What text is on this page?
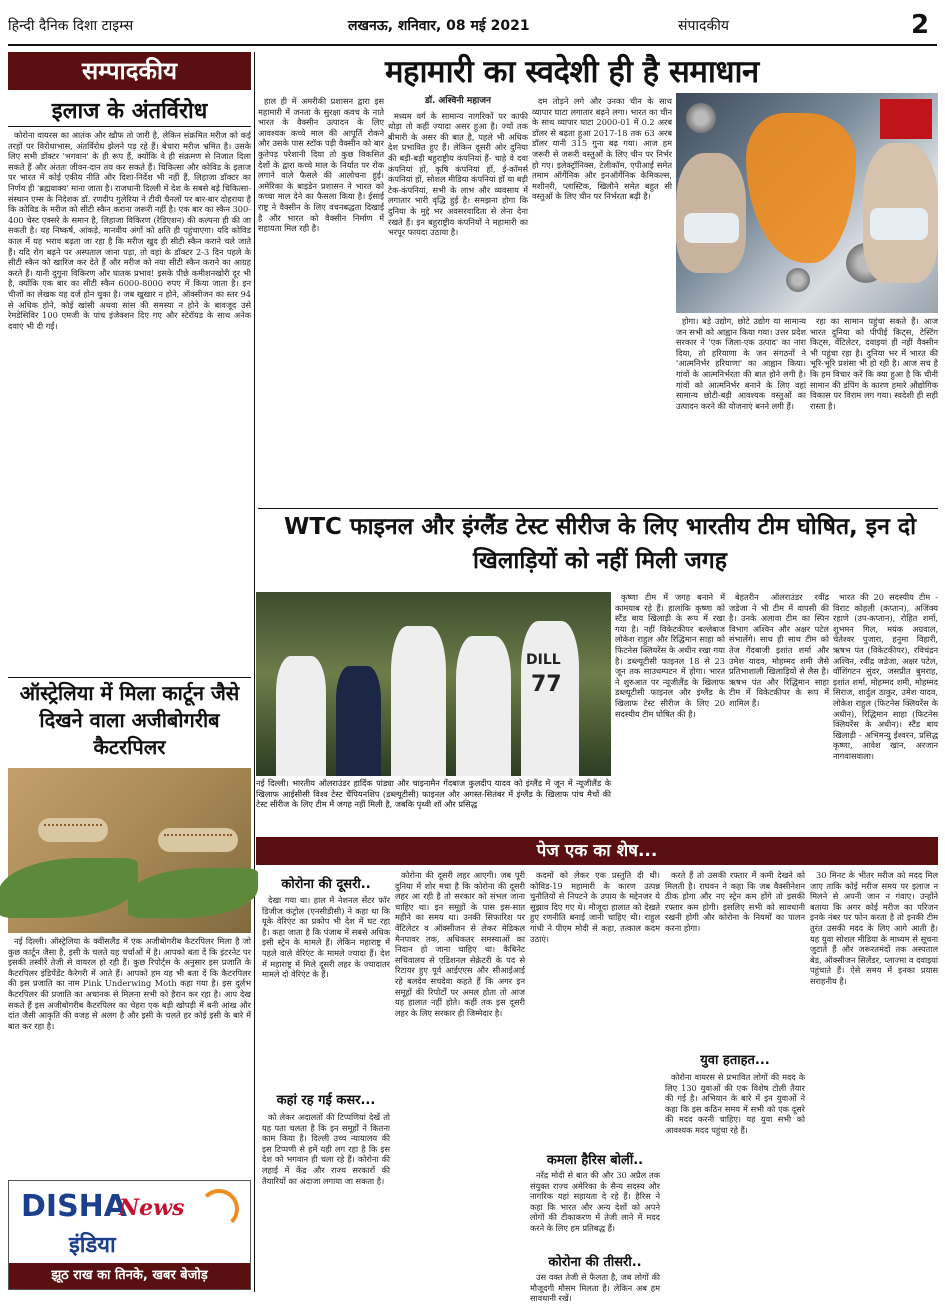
हिन्दी दैनिक दिशा टाइम्स	लखनऊ, शनिवार, 08 मई 2021	संपादकीय	2
सम्पादकीय
इलाज के अंतर्विरोध

कोरोना वायरस का आतंक और खौफ तो जारी है, लेकिन संक्रमित मरीज को कई तरहों पर विरोधाभास, अंतर्विरोध झेलने पड़ रहे हैं। बेचारा मरीज भ्रमित है। उसके लिए सभी डॉक्टर 'भगवान' के ही रूप हैं, क्योंकि वे ही संक्रमण से निजात दिला सकते हैं और अंततः जीवन-दान तय कर सकते हैं। चिकित्सा और कोविड के इलाज पर भारत में कोई एकीय नीति और दिशा-निर्देश भी नहीं हैं, लिहाजा डॉक्टर का निर्णय ही 'ब्रह्मवाक्य' माना जाता है। राजधानी दिल्ली में देश के सबसे बड़े चिकित्सा-संस्थान एम्स के निदेशक डॉ. रणदीप गुलेरिया ने टीवी चैनलों पर बार-बार दोहराया है कि कोविड के मरीज को सीटी स्कैन कराना जरूरी नहीं है। एक बार का स्कैन 300-400 चेस्ट एक्सरे के समान है, लिहाजा विकिरण (रेडिएशन) की कल्पना ही की जा सकती है। यह निष्कर्ष, आंकड़े, मानवीय अंगों को क्षति ही पहुंचाएगा। यदि कोविड काल में यह भराव बढ़ता जा रहा है कि मरीज खुद ही सीटी स्कैन कराने चले जाते हैं। यदि रोग बढ़ने पर अस्पताल जाना पड़ा, तो वहां के डॉक्टर 2-3 दिन पहले के सीटी स्कैन को खारिज कर देते हैं और मरीज को नया सीटी स्कैन कराने का आग्रह करते हैं। यानी दुगुना विकिरण और घातक प्रभाव! इसके पीछे कमीशनखोरी दूर भी है, क्योंकि एक बार का सीटी स्कैन 6000-8000 रुपए में किया जाता है। इन चीजों का लेखक यह दर्ज होन चुका है। जब खुखार न होने, ऑक्सीजन का स्तर 94 से अधिक होने, कोई खांसी अथवा सांस की समस्या न होने के बावजूद उसे रेमडेसिविर 100 एमजी के पांच इंजेक्शन दिए गए और स्टेरॉयड के साथ अनेक दवाएं भी दी गईं।

महामारी का स्वदेशी ही है समाधान

हाल ही में अमरीकी प्रशासन द्वारा इस महामारी में जनता के सुरक्षा कवच के नाते भारत के वैक्सीन उत्पादन के लिए आवश्यक कच्चे माल की आपूर्ति रोकने और उसके पास स्टॉक पड़ी वैक्सीन को बार कुतेपड़ परेशानी दिया तो कुछ विकसित देशों के द्वारा कच्चे माल के निर्यात पर रोक लगाने वाले फैसले की आलोचना हुई। अमेरिका के बाइडेन प्रशासन ने भारत को कच्चा माल देने का फैसला किया है। ईसाई राष्ट्र ने वैक्सीन के लिए वचनबद्धता दिखाई है और भारत को वैक्सीन निर्माण में सहायता मिल रही है।

डॉ. अश्विनी महाजन

मध्यम वर्ग के सामान्य नागरिकों पर काफी थोड़ा तो कहीं ज्यादा असर हुआ है। ज्यों तक बीमारी के असर की बात है, पहले भी अधिक देश प्रभावित हुए हैं। लेकिन दूसरी ओर दुनिया की बड़ी-बड़ी बहुराष्ट्रीय कंपनियां हैं- चाहे वे दवा कंपनियां हों, कृषि कंपनियां हों, ई-कॉमर्स कंपनियां हों, सोशल मीडिया कंपनियां हों या बड़ी टेक-कंपनियां, सभी के लाभ और व्यवसाय में लगातार भारी वृद्धि हुई है। समझना होगा कि दुनिया के मुद्दे भर अवसरवादिता से लेना देना रखते हैं। इन बहुराष्ट्रीय कंपनियों ने महामारी का भरपूर फायदा उठाया है।

दम तोड़ने लगे और उनका चीन के साथ व्यापार घाटा लगातार बढ़ने लगा। भारत का चीन के साथ व्यापार घाटा 2000-01 में 0.2 अरब डॉलर से बढ़ता हुआ 2017-18 तक 63 अरब डॉलर यानी 315 गुना बढ़ गया। आज हम जरूरी से जरूरी वस्तुओं के लिए चीन पर निर्भर हो गए। इलेक्ट्रॉनिक्स, टेलीकॉम, एपीआई समेत तमाम ऑर्गेनिक और इनऑर्गेनिक केमिकल्स, मशीनरी, प्लास्टिक, खिलौने समेत बहुत सी वस्तुओं के लिए चीन पर निर्भरता बढ़ी है।

होगा। बड़े उद्योग, छोटे उद्योग या सामान्य जन सभी को आह्वान किया गया। उत्तर प्रदेश सरकार ने 'एक जिला-एक उत्पाद' का नारा दिया, तो हरियाणा के जन संगठनों ने 'आत्मनिर्भर हरियाणा' का आह्वान किया। गांवों के आत्मनिर्भरता की बात होने लगी है। गांवों को आत्मनिर्भर बनाने के लिए वहां सामान्य छोटी-बड़ी आवश्यक वस्तुओं का उत्पादन करने की योजनाएं बनने लगी हैं।

रहा का सामान पहुंचा सकते हैं। आज भारत दुनिया को पीपीई किट्स, टेस्टिंग किट्स, वेंटिलेटर, दवाइयां ही नहीं वैक्सीन भी पहुंचा रहा है। दुनिया भर में भारत की भूरि-भूरि प्रशंसा भी हो रही है। आज सच है कि हम विचार करें कि क्या हुआ है कि चीनी सामान की डंपिंग के कारण हमारे औद्योगिक विकास पर विराम लग गया। स्वदेशी ही सही रास्ता है।

WTC फाइनल और इंग्लैंड टेस्ट सीरीज के लिए भारतीय टीम घोषित, इन दो खिलाड़ियों को नहीं मिली जगह
DILL
77
नई दिल्ली। भारतीय ऑलराउंडर हार्दिक पांड्या और चाइनामैन गेंदबाज कुलदीप यादव को इंग्लैंड में जून में न्यूजीलैंड के खिलाफ आईसीसी विश्व टेस्ट चैंपियनशिप (डब्ल्यूटीसी) फाइनल और अगस्त-सितंबर में इंग्लैंड के खिलाफ पांच मैचों की टेस्ट सीरीज के लिए टीम में जगह नहीं मिली है, जबकि पृथ्वी शॉ और प्रसिद्ध

कृष्णा टीम में जगह बनाने में कामयाब रहे हैं। हालांकि कृष्णा को स्टैंड बाय खिलाड़ी के रूप में रखा गया है। नहीं विकेटकीपर बल्लेबाज लोकेश राहुल और रिद्धिमान साहा को फिटनेस क्लियरेंस के अधीन रखा गया है। डब्ल्यूटीसी फाइनल 18 से 23 जून तक साउथम्पटन में होगा। भारत ने शुरुआत पर न्यूजीलैंड के खिलाफ डब्ल्यूटीसी फाइनल और इंग्लैंड के खिलाफ टेस्ट सीरीज के लिए 20 सदस्यीय टीम घोषित की है।

बेहतरीन ऑलराउंडर रवींद्र जडेजा ने भी टीम में वापसी की है। उनके अलावा टीम का स्पिन विभाग अश्विन और अक्षर पटेल संभालेंगे। साथ ही साथ टीम को तेज गेंदबाजी इशांत शर्मा और उमेश यादव, मोहम्मद शमी जैसे प्रतिभाशाली खिलाड़ियों से लैस है। ऋषभ पंत और रिद्धिमान साहा टीम में विकेटकीपर के रूप में शामिल हैं।

भारत की 20 सदस्यीय टीम - विराट कोहली (कप्तान), अजिंक्य रहाणे (उप-कप्तान), रोहित शर्मा, शुभमन गिल, मयंक अग्रवाल, चेतेश्वर पुजारा, हनुमा विहारी, ऋषभ पंत (विकेटकीपर), रविचंद्रन अश्विन, रवींद्र जडेजा, अक्षर पटेल, वॉशिंगटन सुंदर, जसप्रीत बुमराह, इशांत शर्मा, मोहम्मद शमी, मोहम्मद सिराज, शार्दुल ठाकुर, उमेश यादव, लोकेश राहुल (फिटनेस क्लियरेंस के अधीन), रिद्धिमान साहा (फिटनेस क्लियरेंस के अधीन)। स्टैंड बाय खिलाड़ी - अभिमन्यु ईश्वरन, प्रसिद्ध कृष्णा, आवेश खान, अरजान नागवासवाला।

ऑस्ट्रेलिया में मिला कार्टून जैसे दिखने वाला अजीबोगरीब कैटरपिलर

नई दिल्ली। ऑस्ट्रेलिया के क्वींसलैंड में एक अजीबोगरीब कैटरपिलर मिला है जो कुछ कार्टून जैसा है, इसी के चलते यह चर्चाओं में है। आपको बता दें कि इंटरनेट पर इसकी तस्वीरें तेजी से वायरल हो रही हैं। कुछ रिपोर्ट्स के अनुसार इस प्रजाति के कैटरपिलर इंडिपेंडेंट कैरेगरी में आते हैं। आपको हम यह भी बता दें कि कैटरपिलर की इस प्रजाति का नाम Pink Underwing Moth कहा गया है। इस दुर्लभ कैटरपिलर की प्रजाति का अचानक से मिलना सभी को हैरान कर रहा है। आप देख सकते हैं इस अजीबोगरीब कैटरपिलर का चेहरा एक बड़ी खोपड़ी में बनी आंख और दांत जैसी आकृति की वजह से अलग है और इसी के चलते हर कोई इसी के बारे में बात कर रहा है।

DISHA
News
इंडिया
झूठ राख का तिनके, खबर बेजोड़
पेज एक का शेष...
कोरोना की दूसरी..

देखा गया था। हाल में नेशनल सेंटर फॉर डिजीज कंट्रोल (एनसीडीसी) ने कहा था कि यूके वेरिएंट का प्रकोप भी देश में घट रहा है। कहा जाता है कि पंजाब में सबसे अधिक इसी स्ट्रेन के मामले हैं। लेकिन महाराष्ट्र में पहले वाले वेरिएंट के मामले ज्यादा हैं। देश में महाराष्ट्र में मिले दूसरी लहर के ज्यादातर मामले दो वेरिएंट के हैं।

कहां रह गई कसर...

को लेकर अदालतों की टिप्पणियां देखें तो यह पता चलता है कि इन समूहों ने कितना काम किया है। दिल्ली उच्च न्यायालय की इस टिप्पणी से हमें यही लग रहा है कि इस देश को भगवान ही चला रहे हैं। कोरोना की लहाई में केंद्र और राज्य सरकारों की तैयारियों का अंदाजा लगाया जा सकता है।

कोरोना की दूसरी लहर आएगी। जब पूरी दुनिया में शोर मचा है कि कोरोना की दूसरी लहर आ रही है तो सरकार को संभल जाना चाहिए था। इन समूहों के पास इस-सात महीने का समय था। उनकी सिफारिश पर वेंटिलेटर व ऑक्सीजन से लेकर मेडिकल मैनपावर तक, अधिकतर समस्याओं का निदान हो जाना चाहिए था। कैबिनेट सचिवालय से एडिशनल सेक्रेटरी के पद से रिटायर हुए पूर्व आईएएस और सीआईआई रहे बलदेव सचदेवा कहते हैं कि अगर इन समूहों की रिपोर्टों पर अमल होता तो आज यह हालात नहीं होते। कहीं तक इस दूसरी लहर के लिए सरकार ही जिम्मेदार है।

कदमों को लेकर एक प्रस्तुति दी थी। कोविड-19 महामारी के कारण उत्पन्न चुनौतियों से निपटने के उपाय के मद्देनजर ये सुझाव दिए गए थे। मौजूदा हालात को देखते हुए रणनीति बनाई जानी चाहिए थी। राहुल गांधी ने पीएम मोदी से कहा, तत्काल कदम उठाएं।

कमला हैरिस बोलीं..

नरेंद्र मोदी से बात की और 30 अप्रैल तक संयुक्त राज्य अमेरिका के सैन्य सदस्य और नागरिक यहां सहायता दे रहे हैं। हैरिस ने कहा कि भारत और अन्य देशों को अपने लोगों की टीकाकरण में तेजी लाने में मदद करने के लिए हम प्रतिबद्ध हैं।

कोरोना की तीसरी..

उस वक्त तेजी से फैलता है, जब लोगों की मौजूदगी मौसम मिलता है। लेकिन अब हम सावधानी रखें।

करते हैं तो उसकी रफ्तार में कमी देखने को मिलती है। राघवन ने कहा कि जब वैक्सीनेशन ठीक होगा और नए स्ट्रेन कम होंगे तो इसकी रफ्तार कम होगी। इसलिए सभी को सावधानी रखनी होगी और कोरोना के नियमों का पालन करना होगा।

युवा हताहत...

कोरोना वायरस से प्रभावित लोगों की मदद के लिए 130 युवाओं की एक विशेष टोली तैयार की गई है। अभियान के बारे में इन युवाओं ने कहा कि इस कठिन समय में सभी को एक दूसरे की मदद करनी चाहिए। यह युवा सभी को आवश्यक मदद पहुंचा रहे हैं।

30 मिनट के भीतर मरीज को मदद मिल जाए ताकि कोई मरीज समय पर इलाज न मिलने से अपनी जान न गंवाए। उन्होंने बताया कि अगर कोई मरीज का परिजन इनके नंबर पर फोन करता है तो इनकी टीम तुरंत उसकी मदद के लिए आगे आती है। यह युवा सोशल मीडिया के माध्यम से सूचना जुटाते हैं और जरूरतमंदों तक अस्पताल बेड, ऑक्सीजन सिलेंडर, प्लाज्मा व दवाइयां पहुंचाते हैं। ऐसे समय में इनका प्रयास सराहनीय है।
